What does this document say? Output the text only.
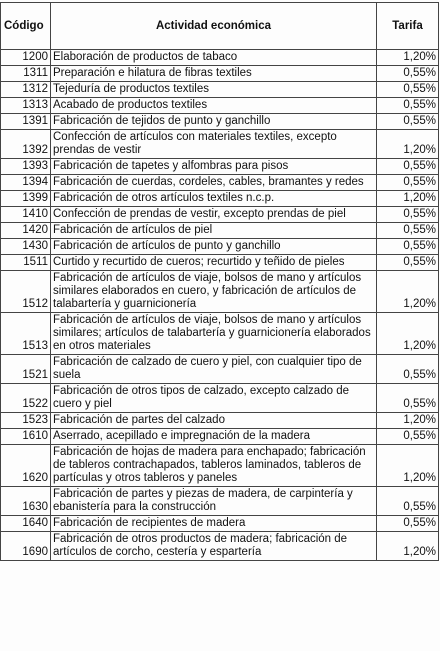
Código	Actividad económica	Tarifa
1200	Elaboración de productos de tabaco	1,20%
1311	Preparación e hilatura de fibras textiles	0,55%
1312	Tejeduría de productos textiles	0,55%
1313	Acabado de productos textiles	0,55%
1391	Fabricación de tejidos de punto y ganchillo	0,55%
1392	Confección de artículos con materiales textiles, excepto prendas de vestir	1,20%
1393	Fabricación de tapetes y alfombras para pisos	0,55%
1394	Fabricación de cuerdas, cordeles, cables, bramantes y redes	0,55%
1399	Fabricación de otros artículos textiles n.c.p.	1,20%
1410	Confección de prendas de vestir, excepto prendas de piel	0,55%
1420	Fabricación de artículos de piel	0,55%
1430	Fabricación de artículos de punto y ganchillo	0,55%
1511	Curtido y recurtido de cueros; recurtido y teñido de pieles	0,55%
1512	Fabricación de artículos de viaje, bolsos de mano y artículos similares elaborados en cuero, y fabricación de artículos de talabartería y guarnicionería	1,20%
1513	Fabricación de artículos de viaje, bolsos de mano y artículos similares; artículos de talabartería y guarnicionería elaborados en otros materiales	1,20%
1521	Fabricación de calzado de cuero y piel, con cualquier tipo de suela	0,55%
1522	Fabricación de otros tipos de calzado, excepto calzado de cuero y piel	0,55%
1523	Fabricación de partes del calzado	1,20%
1610	Aserrado, acepillado e impregnación de la madera	0,55%
1620	Fabricación de hojas de madera para enchapado; fabricación de tableros contrachapados, tableros laminados, tableros de partículas y otros tableros y paneles	1,20%
1630	Fabricación de partes y piezas de madera, de carpintería y ebanistería para la construcción	0,55%
1640	Fabricación de recipientes de madera	0,55%
1690	Fabricación de otros productos de madera; fabricación de artículos de corcho, cestería y espartería	1,20%
